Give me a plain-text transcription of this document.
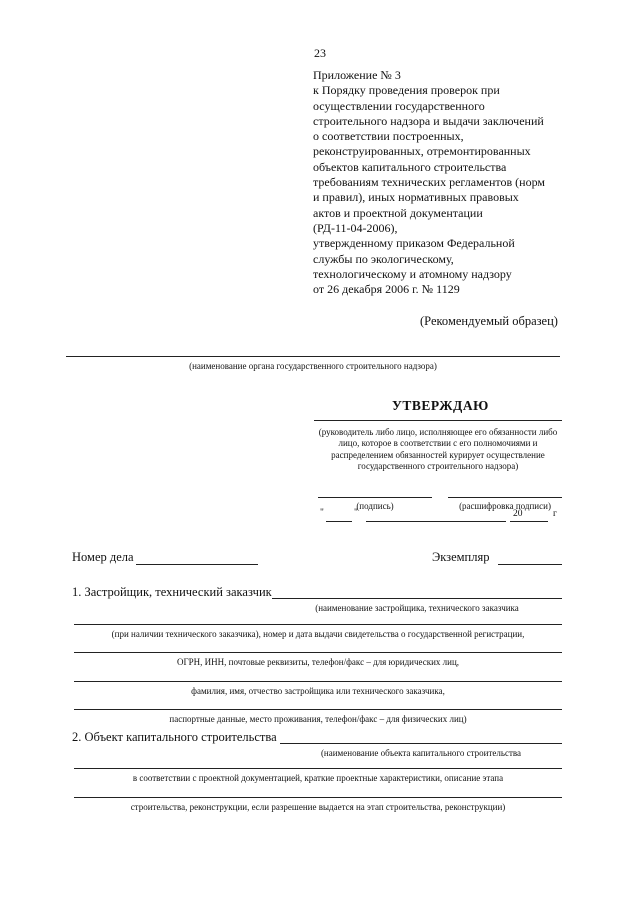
23
Приложение № 3
к Порядку проведения проверок при
осуществлении государственного
строительного надзора и выдачи заключений
о соответствии построенных,
реконструированных, отремонтированных
объектов капитального строительства
требованиям технических регламентов (норм
и правил), иных нормативных правовых
актов и проектной документации
(РД-11-04-2006),
утвержденному приказом Федеральной
службы по экологическому,
технологическому и атомному надзору
от 26 декабря 2006 г. № 1129
(Рекомендуемый образец)
(наименование органа государственного строительного надзора)
УТВЕРЖДАЮ
(руководитель либо лицо, исполняющее его обязанности либо лицо, которое в соответствии с его полномочиями и распределением обязанностей курирует осуществление государственного строительного надзора)
(подпись)	(расшифровка подписи)
"	"	20	г
Номер дела	Экземпляр
1. Застройщик, технический заказчик
(наименование застройщика, технического заказчика
(при наличии технического заказчика), номер и дата выдачи свидетельства о государственной регистрации,
ОГРН, ИНН, почтовые реквизиты, телефон/факс – для юридических лиц,
фамилия, имя, отчество застройщика или технического заказчика,
паспортные данные, место проживания, телефон/факс – для физических лиц)
2. Объект капитального строительства
(наименование объекта капитального строительства
в соответствии с проектной документацией, краткие проектные характеристики, описание этапа
строительства, реконструкции, если разрешение выдается на этап строительства, реконструкции)
